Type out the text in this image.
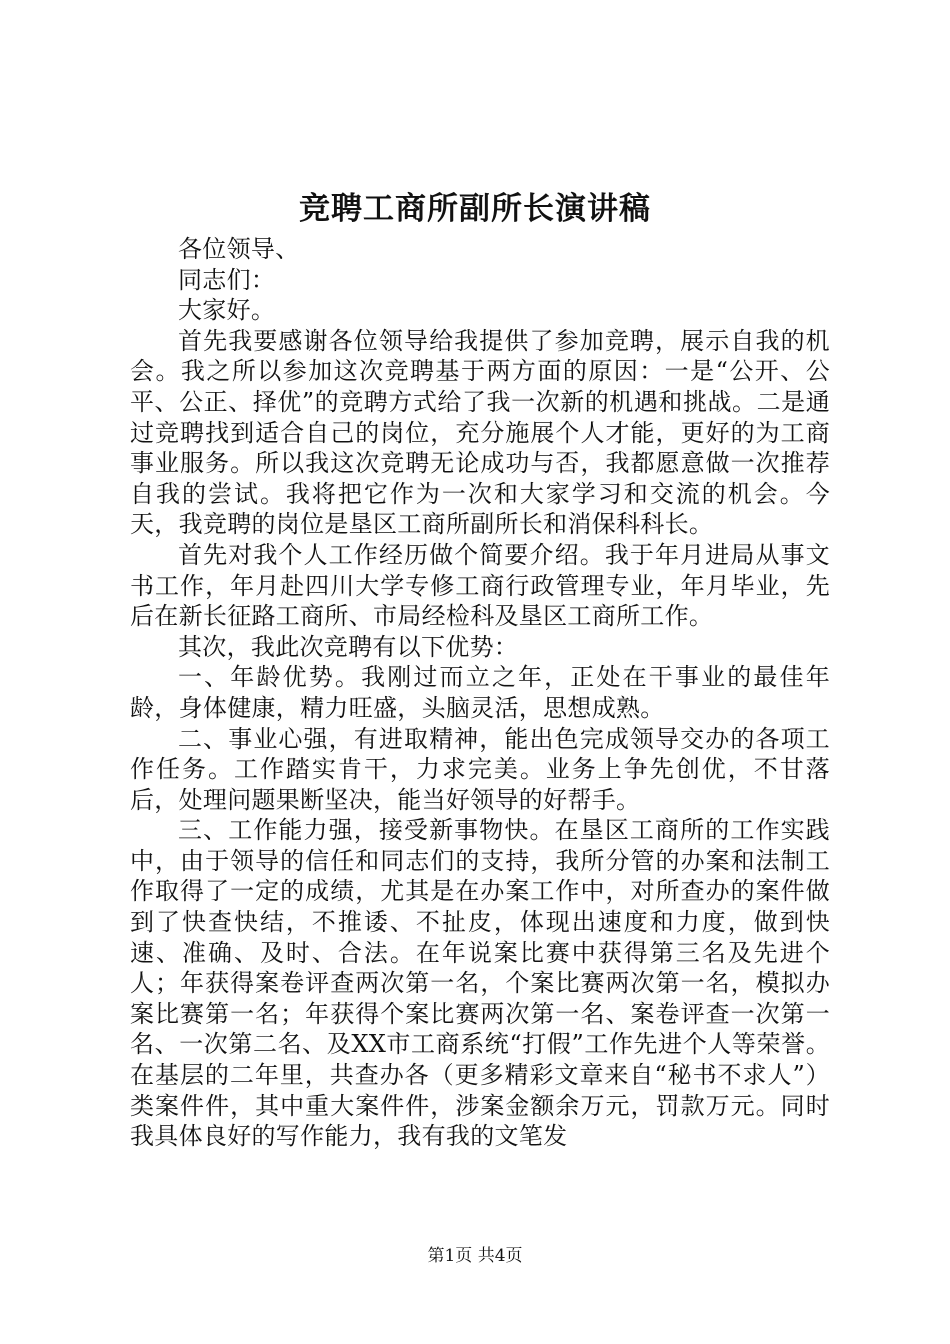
竞聘工商所副所长演讲稿

各位领导、

同志们：

大家好。

首先我要感谢各位领导给我提供了参加竞聘，展示自我的机会。我之所以参加这次竞聘基于两方面的原因：一是“公开、公平、公正、择优”的竞聘方式给了我一次新的机遇和挑战。二是通过竞聘找到适合自己的岗位，充分施展个人才能，更好的为工商事业服务。所以我这次竞聘无论成功与否，我都愿意做一次推荐自我的尝试。我将把它作为一次和大家学习和交流的机会。今天，我竞聘的岗位是垦区工商所副所长和消保科科长。

首先对我个人工作经历做个简要介绍。我于年月进局从事文书工作，年月赴四川大学专修工商行政管理专业，年月毕业，先后在新长征路工商所、市局经检科及垦区工商所工作。

其次，我此次竞聘有以下优势：

一、年龄优势。我刚过而立之年，正处在干事业的最佳年龄，身体健康，精力旺盛，头脑灵活，思想成熟。

二、事业心强，有进取精神，能出色完成领导交办的各项工作任务。工作踏实肯干，力求完美。业务上争先创优，不甘落后，处理问题果断坚决，能当好领导的好帮手。

三、工作能力强，接受新事物快。在垦区工商所的工作实践中，由于领导的信任和同志们的支持，我所分管的办案和法制工作取得了一定的成绩，尤其是在办案工作中，对所查办的案件做到了快查快结，不推诿、不扯皮，体现出速度和力度，做到快速、准确、及时、合法。在年说案比赛中获得第三名及先进个人；年获得案卷评查两次第一名，个案比赛两次第一名，模拟办案比赛第一名；年获得个案比赛两次第一名、案卷评查一次第一名、一次第二名、及XX市工商系统“打假”工作先进个人等荣誉。在基层的二年里，共查办各（更多精彩文章来自“秘书不求人”）类案件件，其中重大案件件，涉案金额余万元，罚款万元。同时我具体良好的写作能力，我有我的文笔发

第1页 共4页
